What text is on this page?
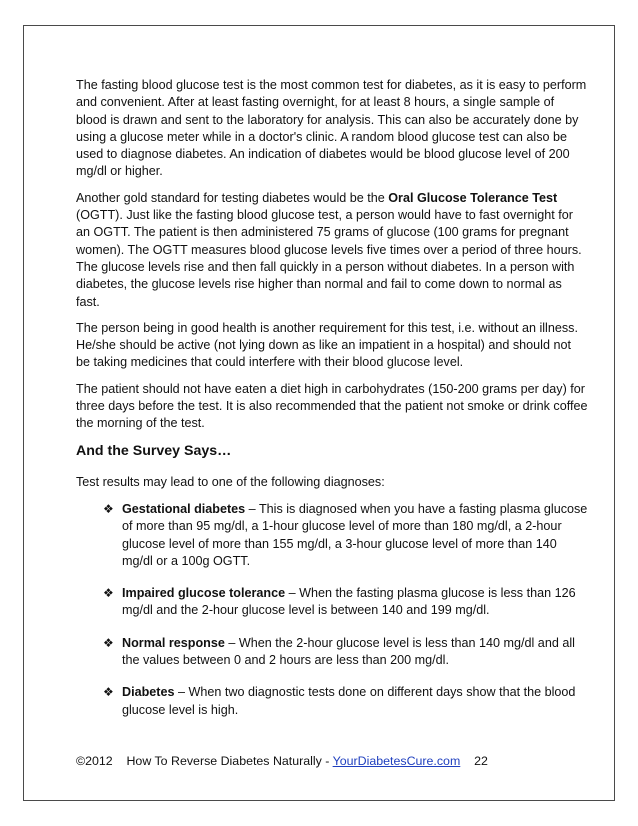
The fasting blood glucose test is the most common test for diabetes, as it is easy to perform and convenient. After at least fasting overnight, for at least 8 hours, a single sample of blood is drawn and sent to the laboratory for analysis. This can also be accurately done by using a glucose meter while in a doctor's clinic. A random blood glucose test can also be used to diagnose diabetes. An indication of diabetes would be blood glucose level of 200 mg/dl or higher.

Another gold standard for testing diabetes would be the Oral Glucose Tolerance Test (OGTT). Just like the fasting blood glucose test, a person would have to fast overnight for an OGTT. The patient is then administered 75 grams of glucose (100 grams for pregnant women). The OGTT measures blood glucose levels five times over a period of three hours. The glucose levels rise and then fall quickly in a person without diabetes. In a person with diabetes, the glucose levels rise higher than normal and fail to come down to normal as fast.

The person being in good health is another requirement for this test, i.e. without an illness. He/she should be active (not lying down as like an impatient in a hospital) and should not be taking medicines that could interfere with their blood glucose level.

The patient should not have eaten a diet high in carbohydrates (150-200 grams per day) for three days before the test. It is also recommended that the patient not smoke or drink coffee the morning of the test.

And the Survey Says…

Test results may lead to one of the following diagnoses:

❖ Gestational diabetes – This is diagnosed when you have a fasting plasma glucose of more than 95 mg/dl, a 1-hour glucose level of more than 180 mg/dl, a 2-hour glucose level of more than 155 mg/dl, a 3-hour glucose level of more than 140 mg/dl or a 100g OGTT.
❖ Impaired glucose tolerance – When the fasting plasma glucose is less than 126 mg/dl and the 2-hour glucose level is between 140 and 199 mg/dl.
❖ Normal response – When the 2-hour glucose level is less than 140 mg/dl and all the values between 0 and 2 hours are less than 200 mg/dl.
❖ Diabetes – When two diagnostic tests done on different days show that the blood glucose level is high.
©2012 How To Reverse Diabetes Naturally - YourDiabetesCure.com 22
